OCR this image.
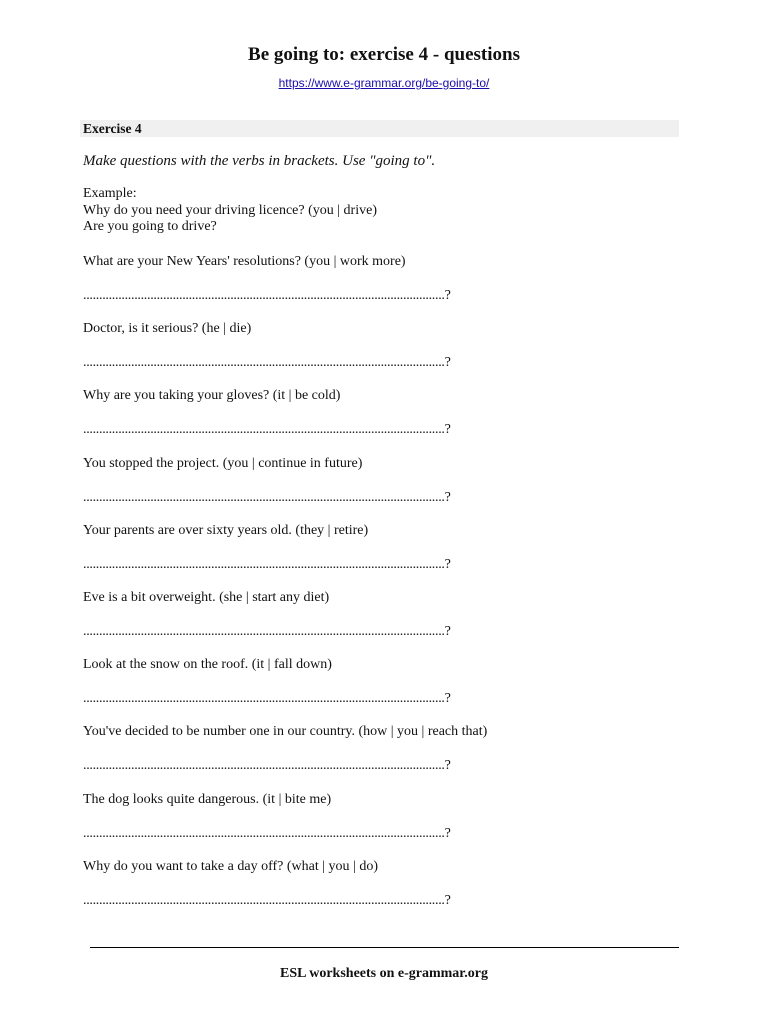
Be going to: exercise 4 - questions
https://www.e-grammar.org/be-going-to/
Exercise 4
Make questions with the verbs in brackets. Use "going to".
Example:
Why do you need your driving licence? (you | drive)
Are you going to drive?
What are your New Years' resolutions? (you | work more)
.................................................................................................................?
Doctor, is it serious? (he | die)
.................................................................................................................?
Why are you taking your gloves? (it | be cold)
.................................................................................................................?
You stopped the project. (you | continue in future)
.................................................................................................................?
Your parents are over sixty years old. (they | retire)
.................................................................................................................?
Eve is a bit overweight. (she | start any diet)
.................................................................................................................?
Look at the snow on the roof. (it | fall down)
.................................................................................................................?
You've decided to be number one in our country. (how | you | reach that)
.................................................................................................................?
The dog looks quite dangerous. (it | bite me)
.................................................................................................................?
Why do you want to take a day off? (what | you | do)
.................................................................................................................?
ESL worksheets on e-grammar.org
